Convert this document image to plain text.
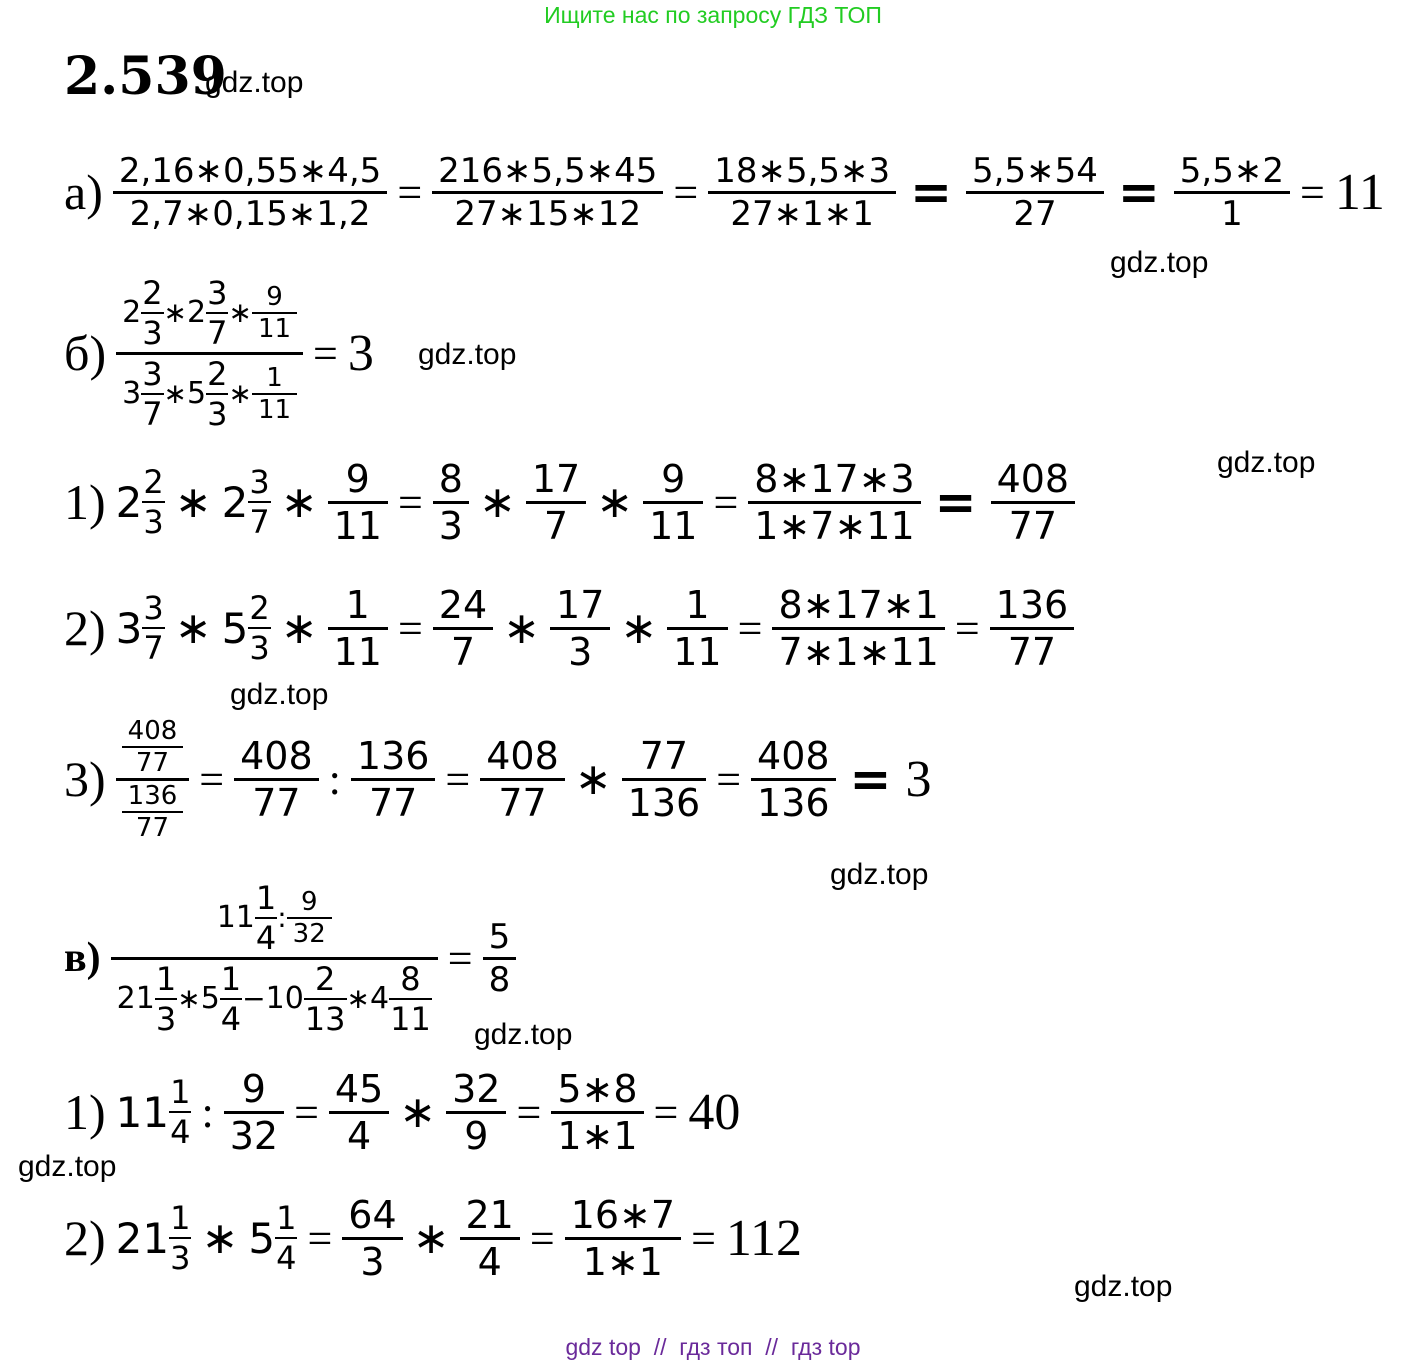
Ищите нас по запросу ГДЗ ТОП
2.539
gdz.top
$а) \frac{2,16∗0,55∗4,5}{2,7∗0,15∗1,2} = \frac{216∗5,5∗45}{27∗15∗12} = \frac{18∗5,5∗3}{27∗1∗1} = \frac{5,5∗54}{27} = \frac{5,5∗2}{1} = 11$
gdz.top
$б) \frac{2 \frac{2}{3} ∗ 2 \frac{3}{7} ∗ \frac{9}{11}}{3 \frac{3}{7} ∗ 5 \frac{2}{3} ∗ \frac{1}{11}} = 3$ gdz.top
gdz.top
1) $2 \frac{2}{3}$ ∗ $2 \frac{3}{7}$ ∗ $\frac{9}{11} = \frac{8}{3}$ ∗ $\frac{17}{7}$ ∗ $\frac{9}{11} = \frac{8∗17∗3}{1∗7∗11} = \frac{408}{77}$
2) $3 \frac{3}{7}$ ∗ $5 \frac{2}{3}$ ∗ $\frac{1}{11} = \frac{24}{7}$ ∗ $\frac{17}{3}$ ∗ $\frac{1}{11} = \frac{8∗17∗1}{7∗1∗11} = \frac{136}{77}$
gdz.top
$3) \frac{\frac{408}{77}}{\frac{136}{77}} = \frac{408}{77}$ : $\frac{136}{77} = \frac{408}{77}$ ∗ $\frac{77}{136} = \frac{408}{136} = 3$
gdz.top
в)
$11 \frac{1}{4}$ : $\frac{9}{32}$
$21 \frac{1}{3}$ ∗ $5 \frac{1}{4} - 10 \frac{2}{13}$ ∗ $4 \frac{8}{11}$
= $\frac{5}{8}$
gdz.top
1) $11 \frac{1}{4}$ : $\frac{9}{32} = \frac{45}{4}$ ∗ $\frac{32}{9} = \frac{5∗8}{1∗1} = 40$
gdz.top
2) $21 \frac{1}{3}$ ∗ $5 \frac{1}{4} = \frac{64}{3}$ ∗ $\frac{21}{4} = \frac{16∗7}{1∗1} = 112$
gdz.top
gdz top  //  гдз топ  //  гдз top
